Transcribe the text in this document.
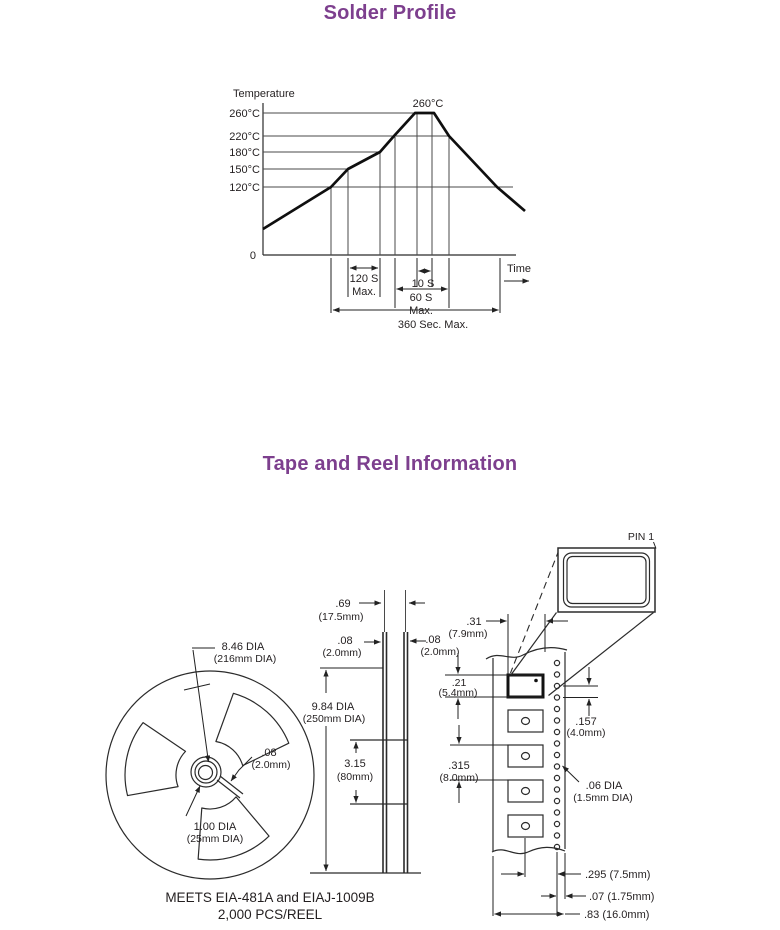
Solder Profile
Tape and Reel Information
Temperature
260°C
220°C
180°C
150°C
120°C
0
260°C
120 S
Max.
10 S
60 S
Max.
360 Sec. Max.
Time
8.46 DIA
(216mm DIA)
.08
(2.0mm)
1.00 DIA
(25mm DIA)
.69
(17.5mm)
.08
(2.0mm)
.08
(2.0mm)
9.84 DIA
(250mm DIA)
3.15
(80mm)
PIN 1
.31
(7.9mm)
.21
(5.4mm)
.315
(8.0mm)
.157
(4.0mm)
.06 DIA
(1.5mm DIA)
.295 (7.5mm)
.07 (1.75mm)
.83 (16.0mm)
MEETS EIA-481A and EIAJ-1009B
2,000 PCS/REEL
